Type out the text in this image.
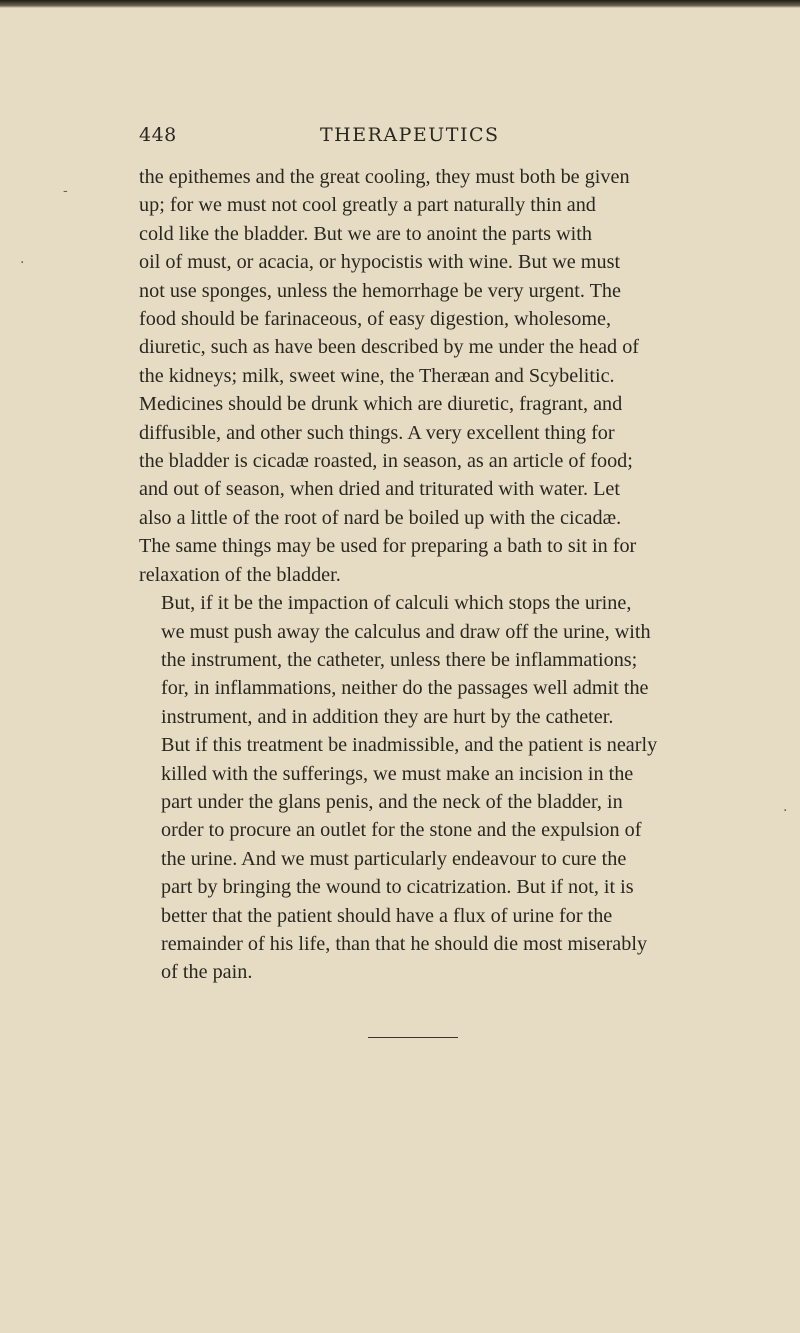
448	THERAPEUTICS

the epithemes and the great cooling, they must both be given
up; for we must not cool greatly a part naturally thin and
cold like the bladder. But we are to anoint the parts with
oil of must, or acacia, or hypocistis with wine. But we must
not use sponges, unless the hemorrhage be very urgent. The
food should be farinaceous, of easy digestion, wholesome,
diuretic, such as have been described by me under the head of
the kidneys; milk, sweet wine, the Theræan and Scybelitic.
Medicines should be drunk which are diuretic, fragrant, and
diffusible, and other such things. A very excellent thing for
the bladder is cicadæ roasted, in season, as an article of food;
and out of season, when dried and triturated with water. Let
also a little of the root of nard be boiled up with the cicadæ.
The same things may be used for preparing a bath to sit in for
relaxation of the bladder.

But, if it be the impaction of calculi which stops the urine,
we must push away the calculus and draw off the urine, with
the instrument, the catheter, unless there be inflammations;
for, in inflammations, neither do the passages well admit the
instrument, and in addition they are hurt by the catheter.
But if this treatment be inadmissible, and the patient is nearly
killed with the sufferings, we must make an incision in the
part under the glans penis, and the neck of the bladder, in
order to procure an outlet for the stone and the expulsion of
the urine. And we must particularly endeavour to cure the
part by bringing the wound to cicatrization. But if not, it is
better that the patient should have a flux of urine for the
remainder of his life, than that he should die most miserably
of the pain.

-
·
·
